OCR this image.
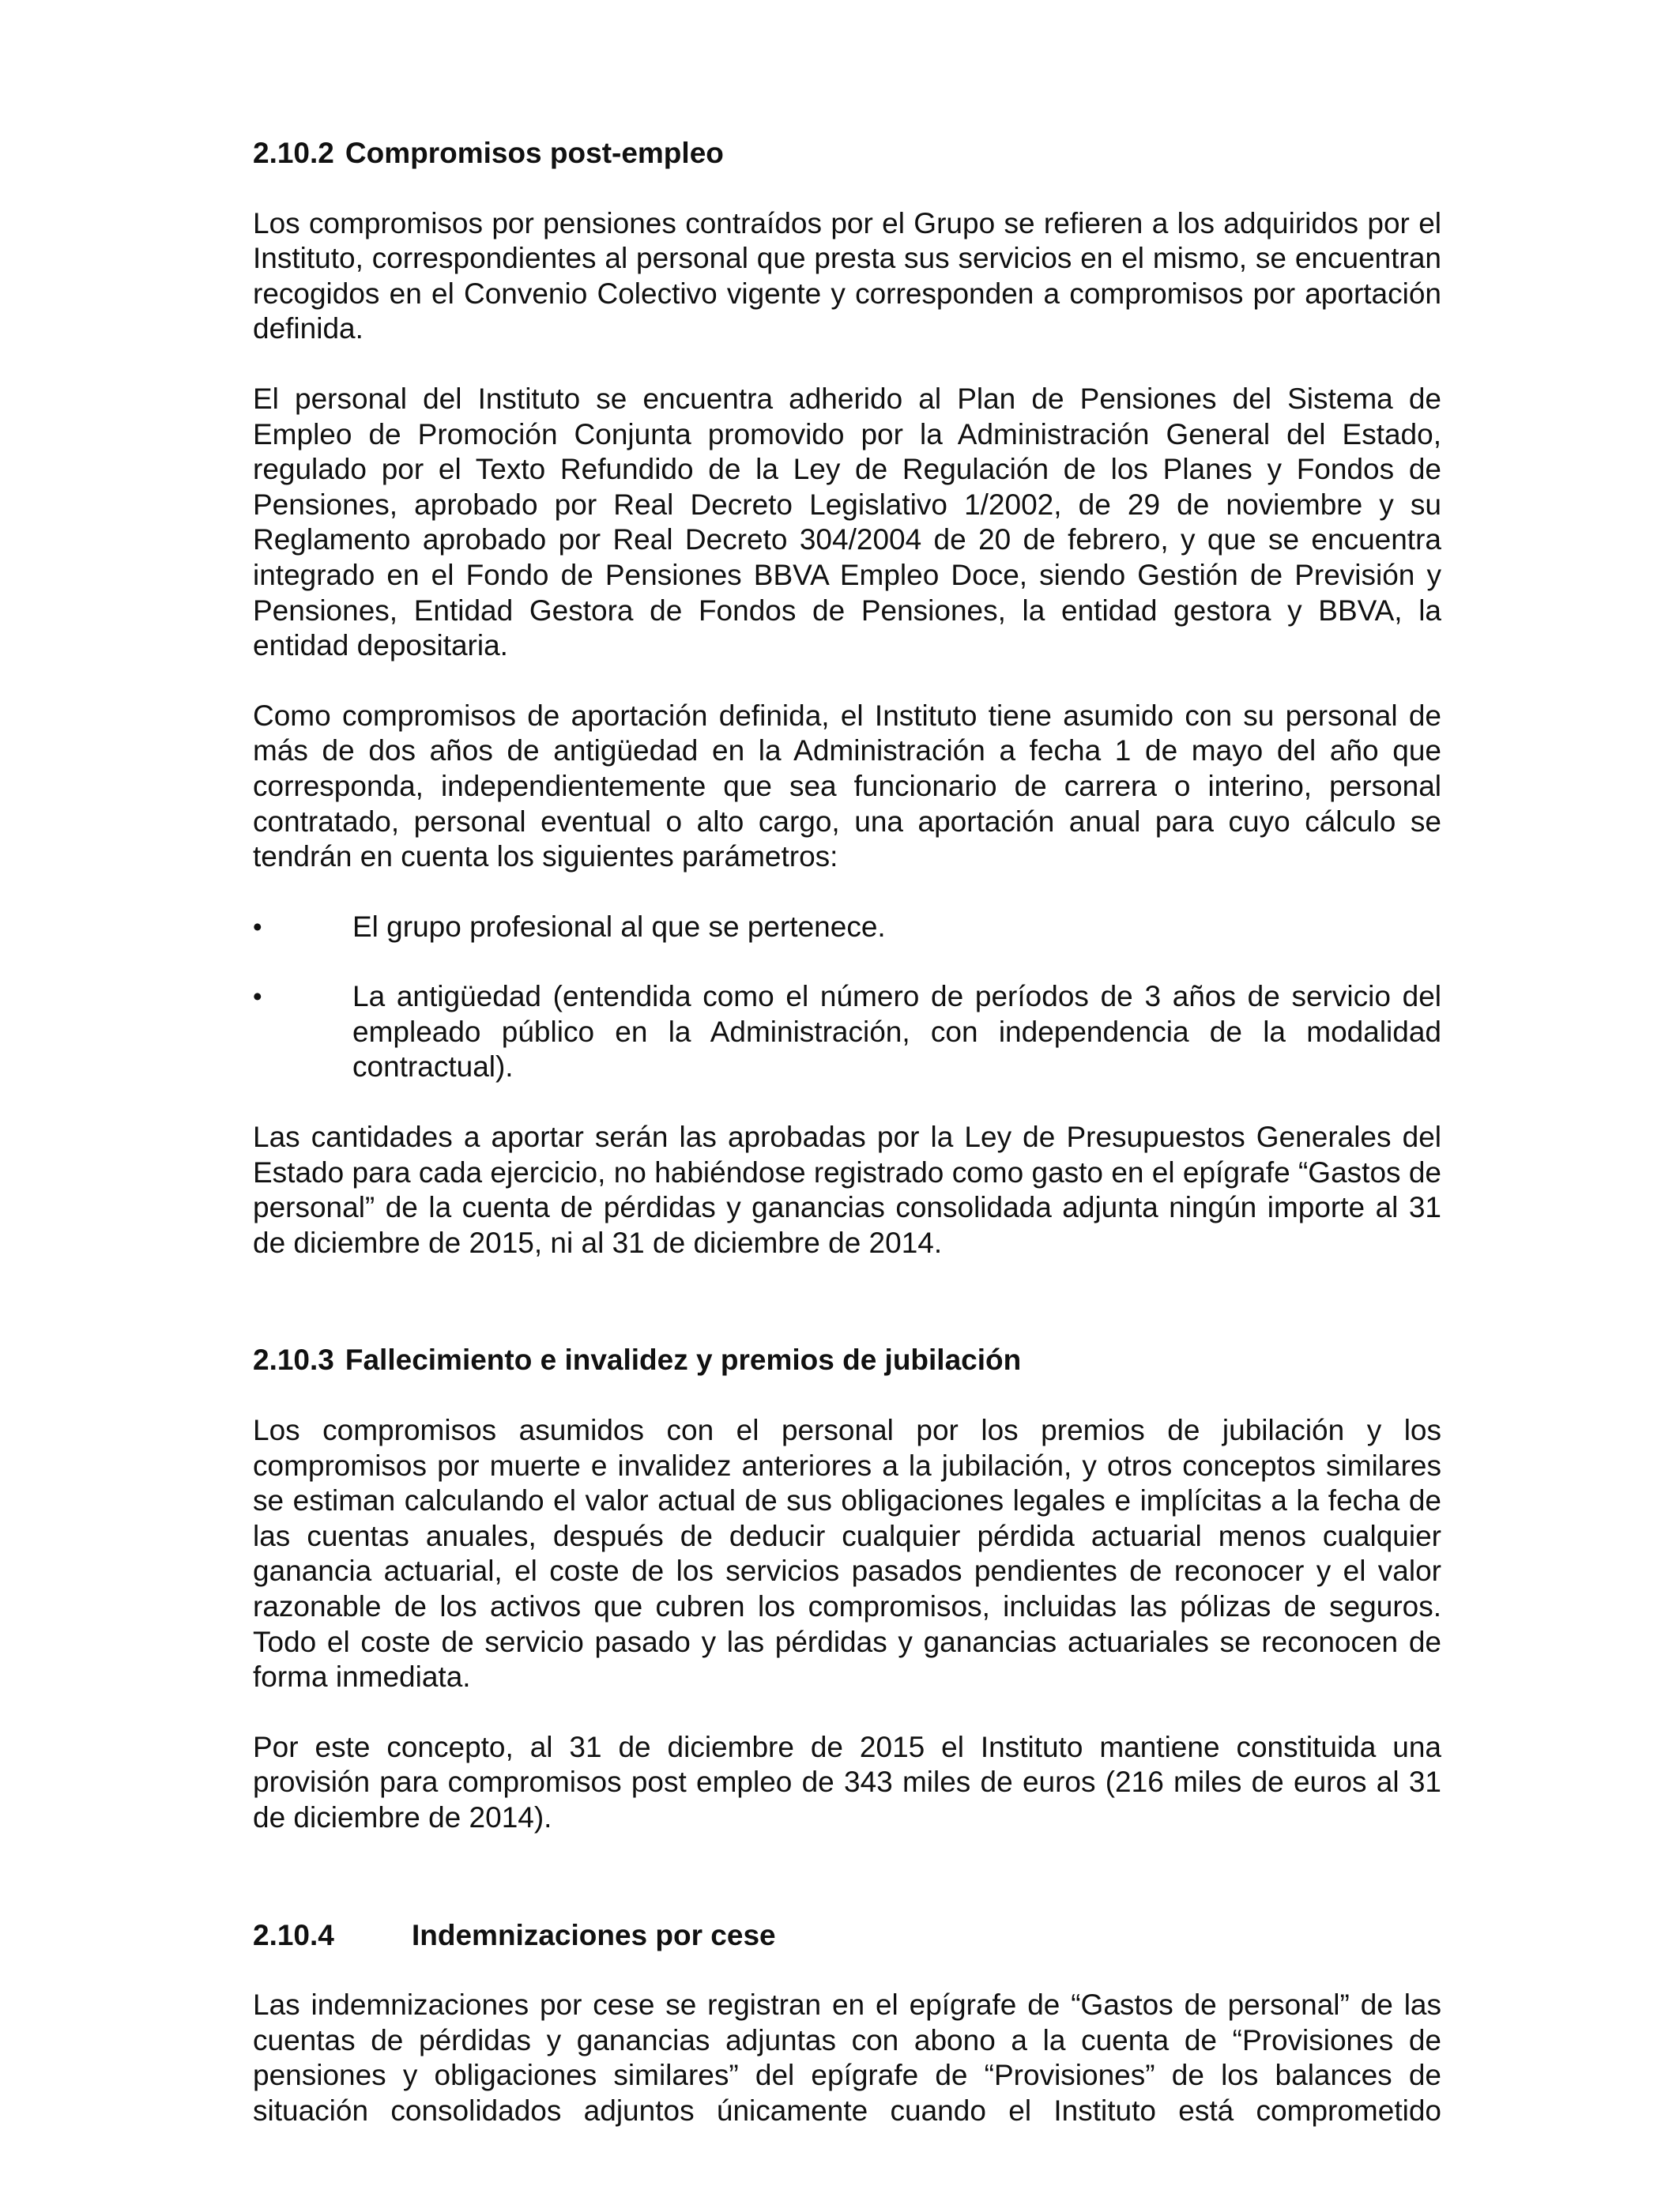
2.10.2 Compromisos post-empleo

Los compromisos por pensiones contraídos por el Grupo se refieren a los adquiridos por el Instituto, correspondientes al personal que presta sus servicios en el mismo, se encuentran recogidos en el Convenio Colectivo vigente y corresponden a compromisos por aportación definida.

El personal del Instituto se encuentra adherido al Plan de Pensiones del Sistema de Empleo de Promoción Conjunta promovido por la Administración General del Estado, regulado por el Texto Refundido de la Ley de Regulación de los Planes y Fondos de Pensiones, aprobado por Real Decreto Legislativo 1/2002, de 29 de noviembre y su Reglamento aprobado por Real Decreto 304/2004 de 20 de febrero, y que se encuentra integrado en el Fondo de Pensiones BBVA Empleo Doce, siendo Gestión de Previsión y Pensiones, Entidad Gestora de Fondos de Pensiones, la entidad gestora y BBVA, la entidad depositaria.

Como compromisos de aportación definida, el Instituto tiene asumido con su personal de más de dos años de antigüedad en la Administración a fecha 1 de mayo del año que corresponda, independientemente que sea funcionario de carrera o interino, personal contratado, personal eventual o alto cargo, una aportación anual para cuyo cálculo se tendrán en cuenta los siguientes parámetros:

•	El grupo profesional al que se pertenece.
•	La antigüedad (entendida como el número de períodos de 3 años de servicio del empleado público en la Administración, con independencia de la modalidad contractual).

Las cantidades a aportar serán las aprobadas por la Ley de Presupuestos Generales del Estado para cada ejercicio, no habiéndose registrado como gasto en el epígrafe “Gastos de personal” de la cuenta de pérdidas y ganancias consolidada adjunta ningún importe al 31 de diciembre de 2015, ni al 31 de diciembre de 2014.

2.10.3 Fallecimiento e invalidez y premios de jubilación

Los compromisos asumidos con el personal por los premios de jubilación y los compromisos por muerte e invalidez anteriores a la jubilación, y otros conceptos similares se estiman calculando el valor actual de sus obligaciones legales e implícitas a la fecha de las cuentas anuales, después de deducir cualquier pérdida actuarial menos cualquier ganancia actuarial, el coste de los servicios pasados pendientes de reconocer y el valor razonable de los activos que cubren los compromisos, incluidas las pólizas de seguros. Todo el coste de servicio pasado y las pérdidas y ganancias actuariales se reconocen de forma inmediata.

Por este concepto, al 31 de diciembre de 2015 el Instituto mantiene constituida una provisión para compromisos post empleo de 343 miles de euros (216 miles de euros al 31 de diciembre de 2014).

2.10.4	Indemnizaciones por cese

Las indemnizaciones por cese se registran en el epígrafe de “Gastos de personal” de las cuentas de pérdidas y ganancias adjuntas con abono a la cuenta de “Provisiones de pensiones y obligaciones similares” del epígrafe de “Provisiones” de los balances de situación consolidados adjuntos únicamente cuando el Instituto está comprometido
